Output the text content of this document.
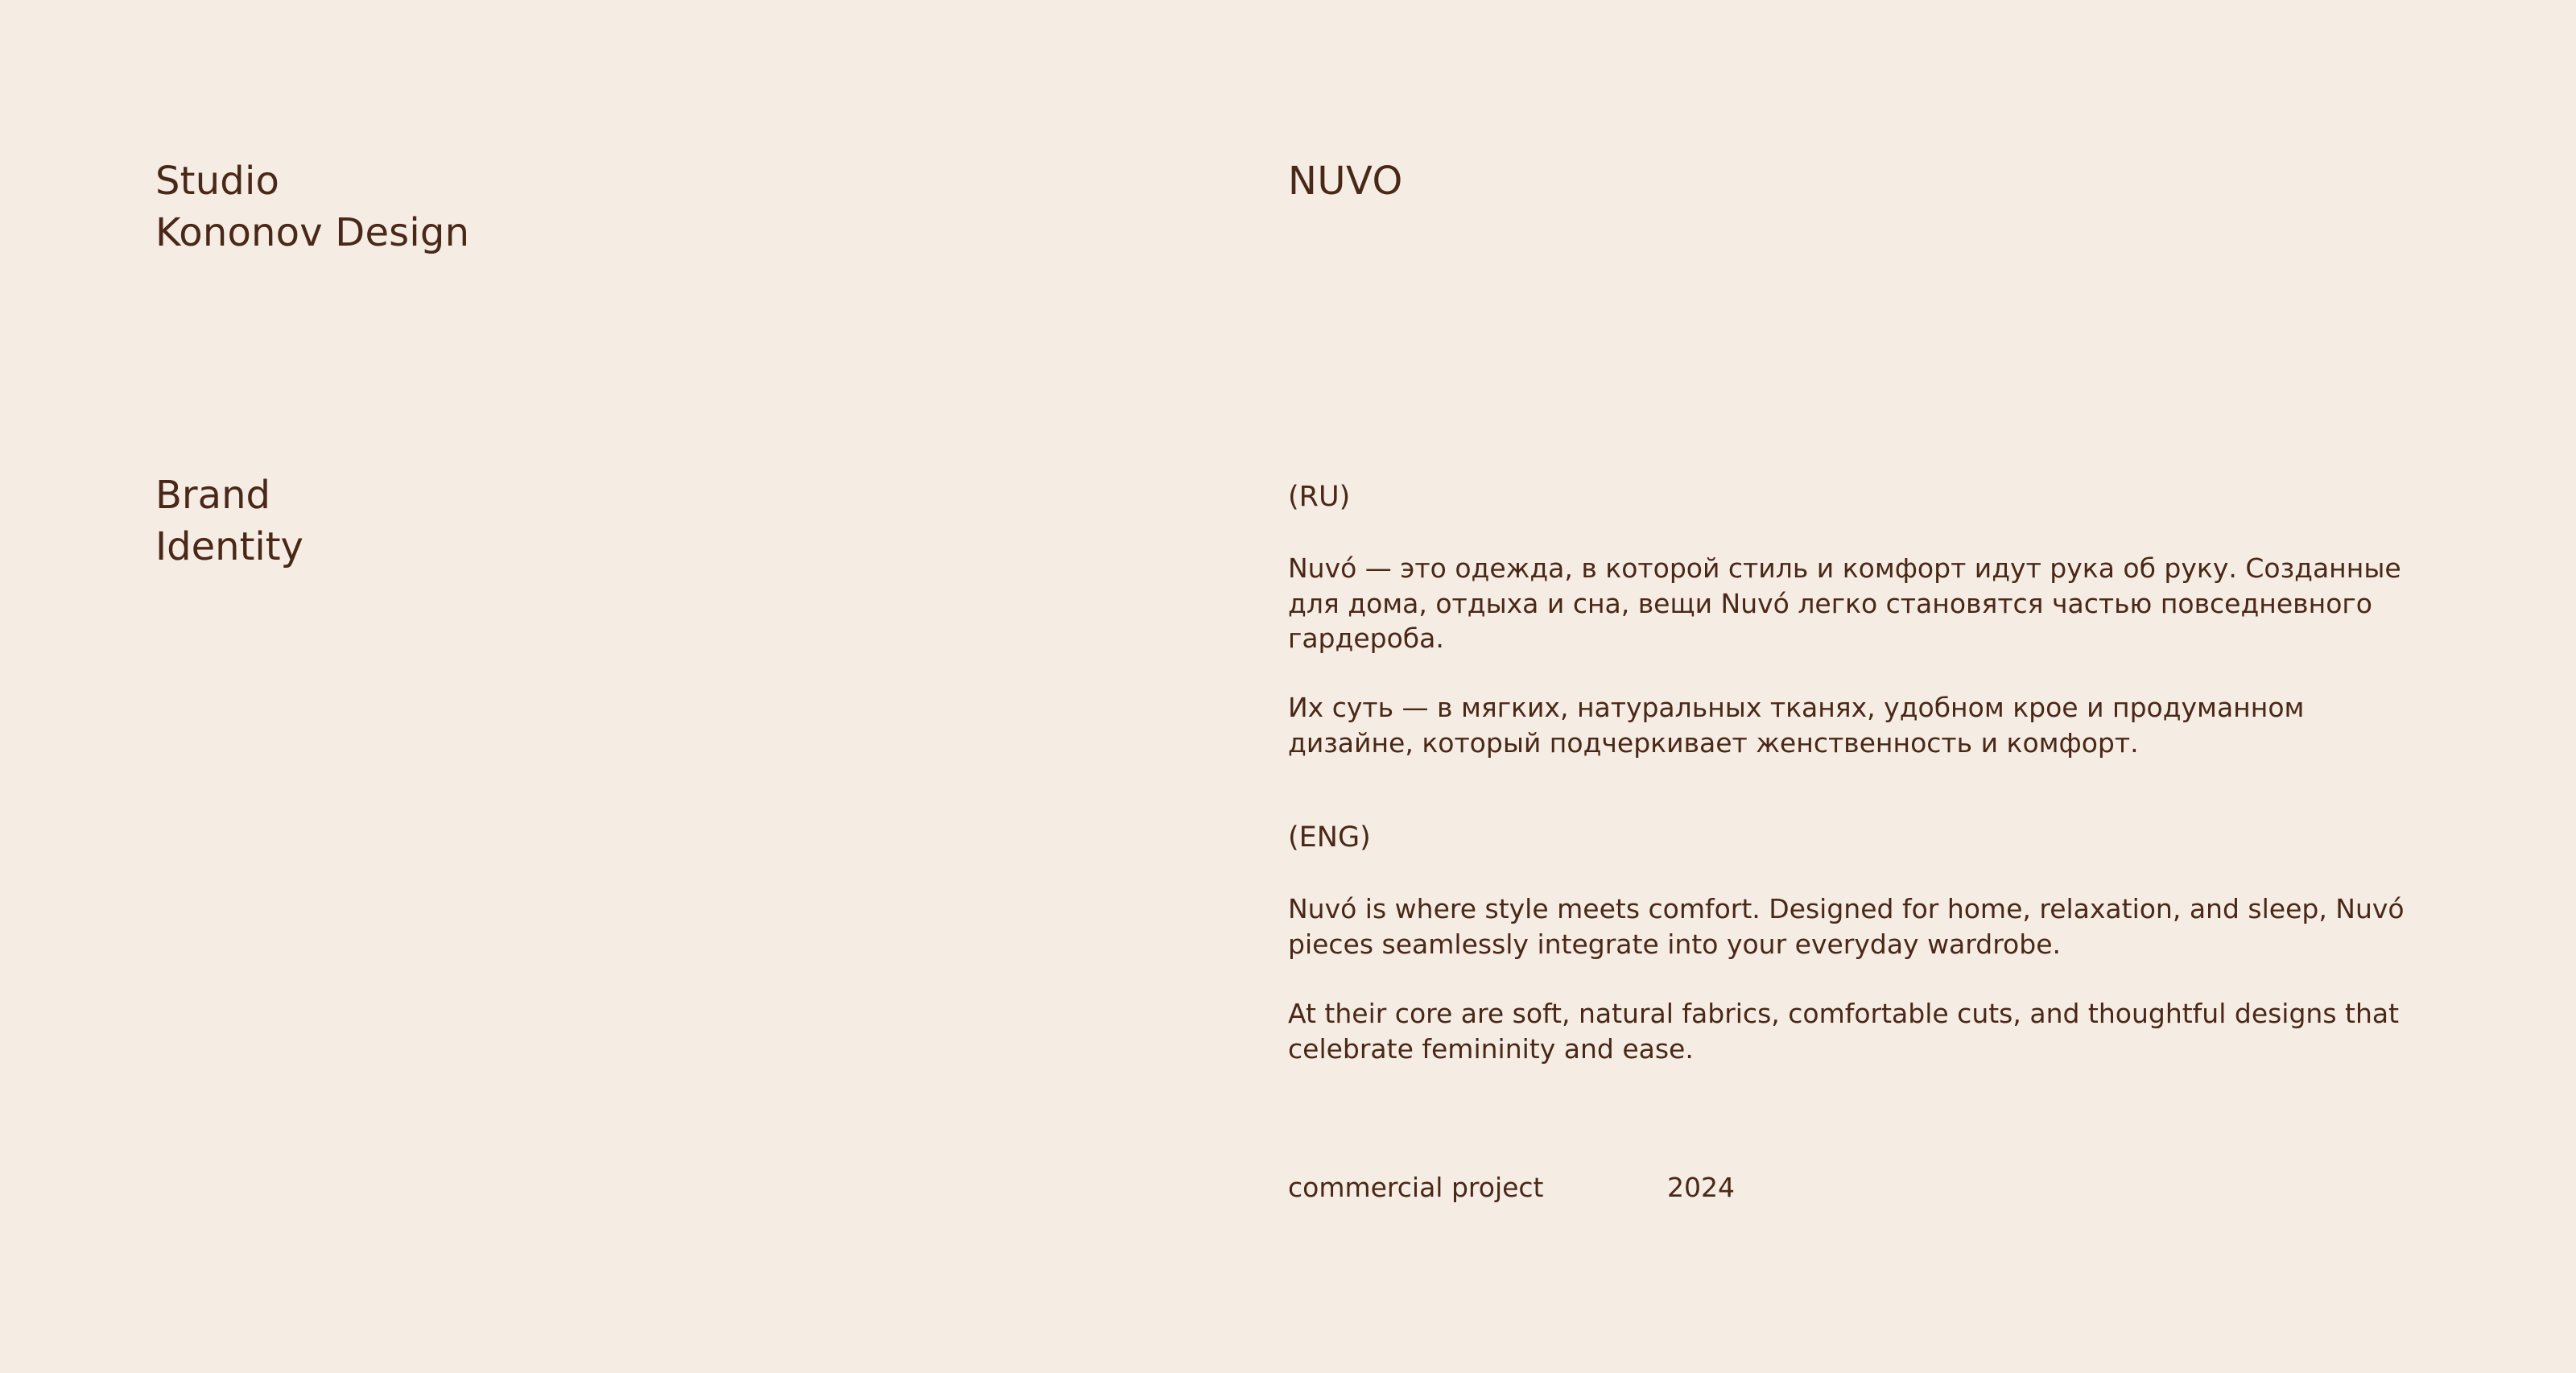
Studio
Kononov Design
Brand
Identity
NUVO
(RU)
Nuvó — это одежда, в которой стиль и комфорт идут рука об руку. Созданные для дома, отдыха и сна, вещи Nuvó легко становятся частью повседневного гардероба.
Их суть — в мягких, натуральных тканях, удобном крое и продуманном дизайне, который подчеркивает женственность и комфорт.
(ENG)
Nuvó is where style meets comfort. Designed for home, relaxation, and sleep, Nuvó pieces seamlessly integrate into your everyday wardrobe.
At their core are soft, natural fabrics, comfortable cuts, and thoughtful designs that celebrate femininity and ease.
commercial project	2024
